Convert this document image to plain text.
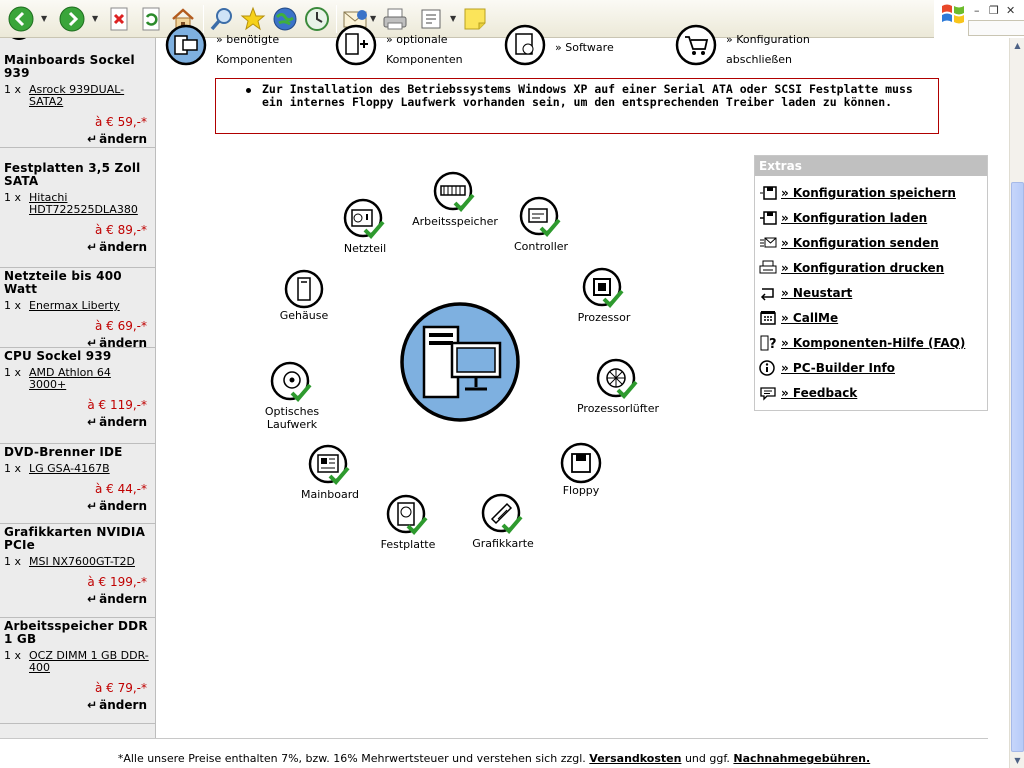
▼	▼	▼	▼
– ❐ ✕
Mainboards Sockel 939
1 x Asrock 939DUAL-SATA2
à € 59,-*
↵ ändern
Festplatten 3,5 Zoll SATA
1 x Hitachi HDT722525DLA380
à € 89,-*
↵ ändern
Netzteile bis 400 Watt
1 x Enermax Liberty
à € 69,-*
↵ ändern
CPU Sockel 939
1 x AMD Athlon 64 3000+
à € 119,-*
↵ ändern
DVD-Brenner IDE
1 x LG GSA-4167B
à € 44,-*
↵ ändern
Grafikkarten NVIDIA PCIe
1 x MSI NX7600GT-T2D
à € 199,-*
↵ ändern
Arbeitsspeicher DDR 1 GB
1 x OCZ DIMM 1 GB DDR-400
à € 79,-*
↵ ändern
» benötigte
Komponenten
» optionale
Komponenten
» Software
» Konfiguration
abschließen
Zur Installation des Betriebssystems Windows XP auf einer Serial ATA oder SCSI Festplatte muss ein internes Floppy Laufwerk vorhanden sein, um den entsprechenden Treiber laden zu können.
Arbeitsspeicher
Netzteil	Controller
Gehäuse	Prozessor
Optisches
Laufwerk
Prozessorlüfter
Mainboard	Floppy
Festplatte	Grafikkarte
Extras
» Konfiguration speichern
» Konfiguration laden
» Konfiguration senden
» Konfiguration drucken
» Neustart
» CallMe
? » Komponenten-Hilfe (FAQ)
» PC-Builder Info
» Feedback
▲
▼
*Alle unsere Preise enthalten 7%, bzw. 16% Mehrwertsteuer und verstehen sich zzgl. Versandkosten und ggf. Nachnahmegebühren.
